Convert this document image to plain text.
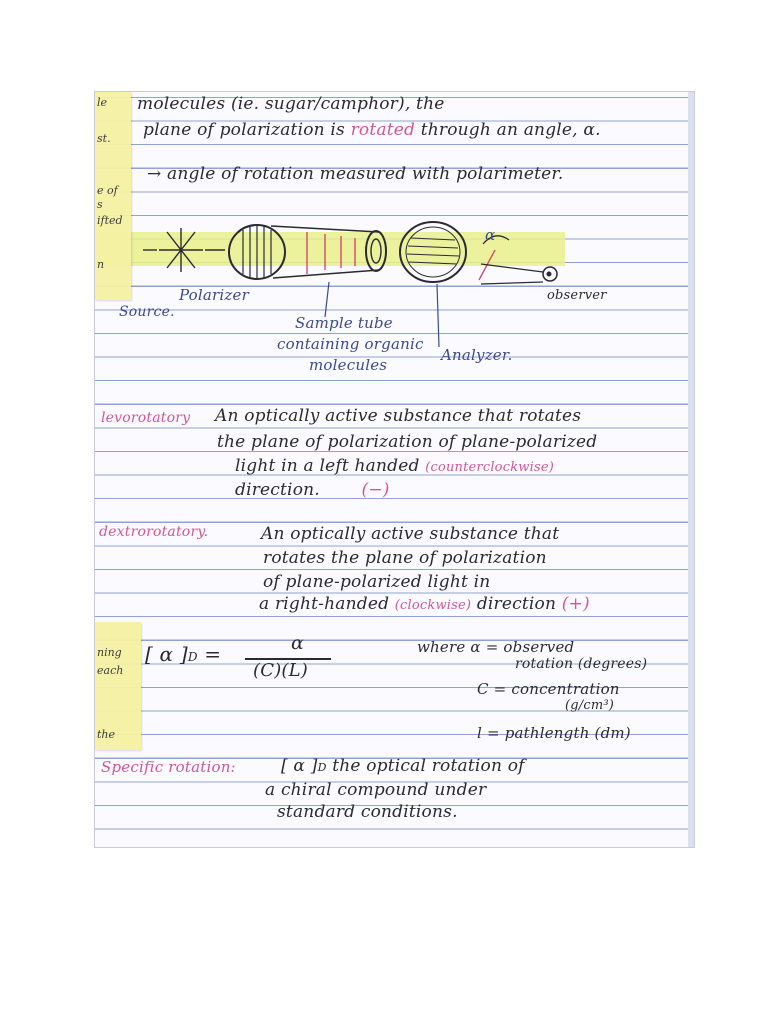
molecules (ie. sugar/camphor), the
plane of polarization is rotated through an angle, α.
→ angle of rotation measured with polarimeter.
Polarizer
Source.
α
observer
Sample tube
containing organic
molecules
Analyzer.
levorotatory An optically active substance that rotates
the plane of polarization of plane-polarized
light in a left handed (counterclockwise)
direction. (−)
dextrorotatory.	An optically active substance that
rotates the plane of polarization
of plane-polarized light in
a right-handed (clockwise) direction (+)
[ α ]D =	α
(C)(L)
where α = observed
rotation (degrees)
C = concentration
(g/cm³)
l = pathlength (dm)
Specific rotation:	[ α ]D the optical rotation of
a chiral compound under
standard conditions.
le
st.
e of
s
ifted
n
ning
each
the
